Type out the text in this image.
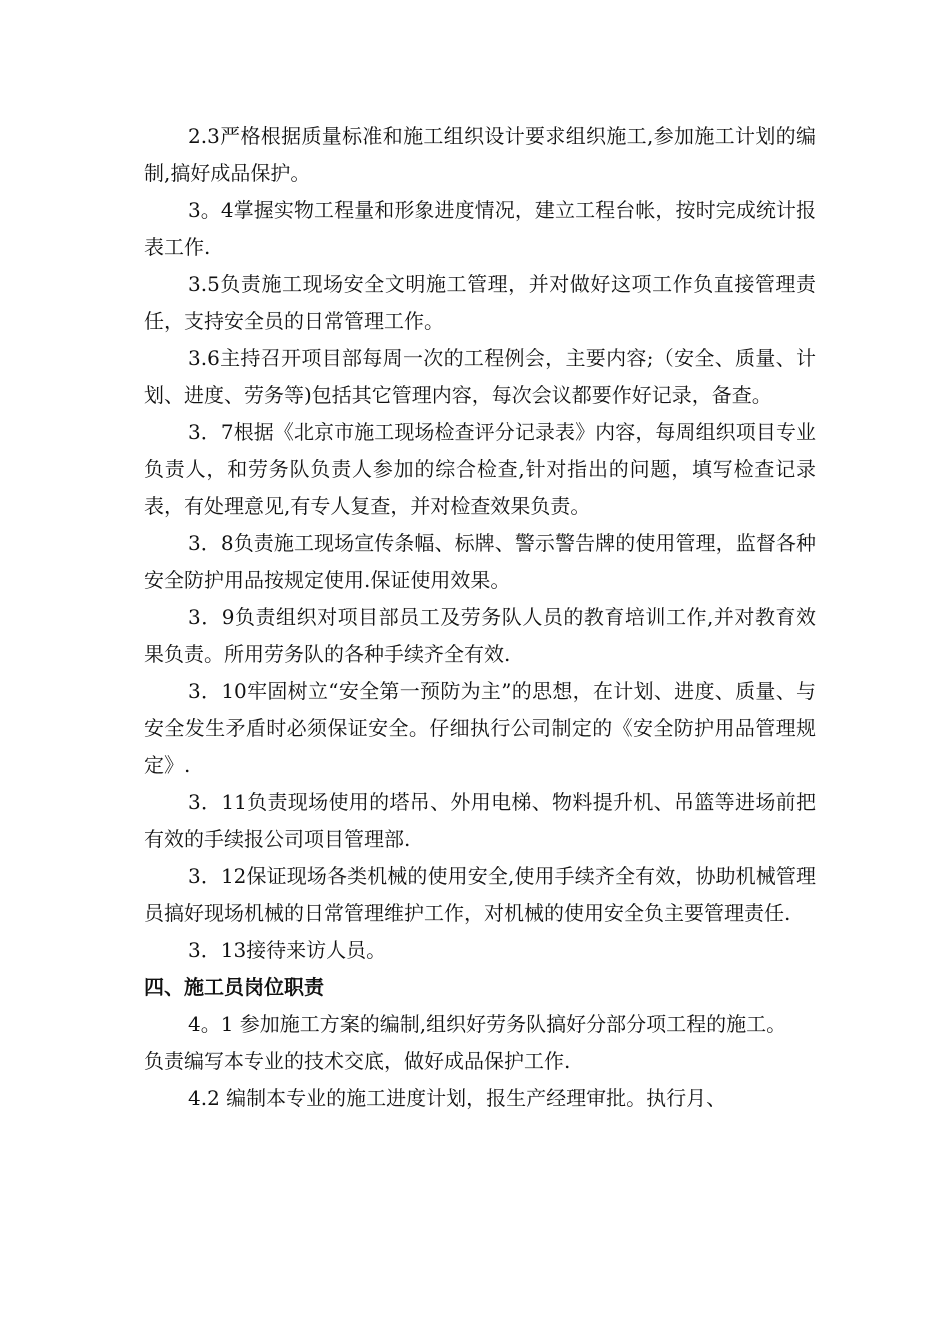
2.3严格根据质量标准和施工组织设计要求组织施工,参加施工计划的编制,搞好成品保护。

3。4掌握实物工程量和形象进度情况，建立工程台帐，按时完成统计报表工作.

3.5负责施工现场安全文明施工管理，并对做好这项工作负直接管理责任，支持安全员的日常管理工作。

3.6主持召开项目部每周一次的工程例会，主要内容;（安全、质量、计划、进度、劳务等)包括其它管理内容，每次会议都要作好记录，备查。

3．7根据《北京市施工现场检查评分记录表》内容，每周组织项目专业负责人，和劳务队负责人参加的综合检查,针对指出的问题，填写检查记录表，有处理意见,有专人复查，并对检查效果负责。

3．8负责施工现场宣传条幅、标牌、警示警告牌的使用管理，监督各种安全防护用品按规定使用.保证使用效果。

3．9负责组织对项目部员工及劳务队人员的教育培训工作,并对教育效果负责。所用劳务队的各种手续齐全有效.

3．10牢固树立“安全第一预防为主”的思想，在计划、进度、质量、与安全发生矛盾时必须保证安全。仔细执行公司制定的《安全防护用品管理规定》.

3．11负责现场使用的塔吊、外用电梯、物料提升机、吊篮等进场前把有效的手续报公司项目管理部.

3．12保证现场各类机械的使用安全,使用手续齐全有效，协助机械管理员搞好现场机械的日常管理维护工作，对机械的使用安全负主要管理责任.

3．13接待来访人员。

四、施工员岗位职责

4。1 参加施工方案的编制,组织好劳务队搞好分部分项工程的施工。

负责编写本专业的技术交底，做好成品保护工作.

4.2 编制本专业的施工进度计划，报生产经理审批。执行月、
